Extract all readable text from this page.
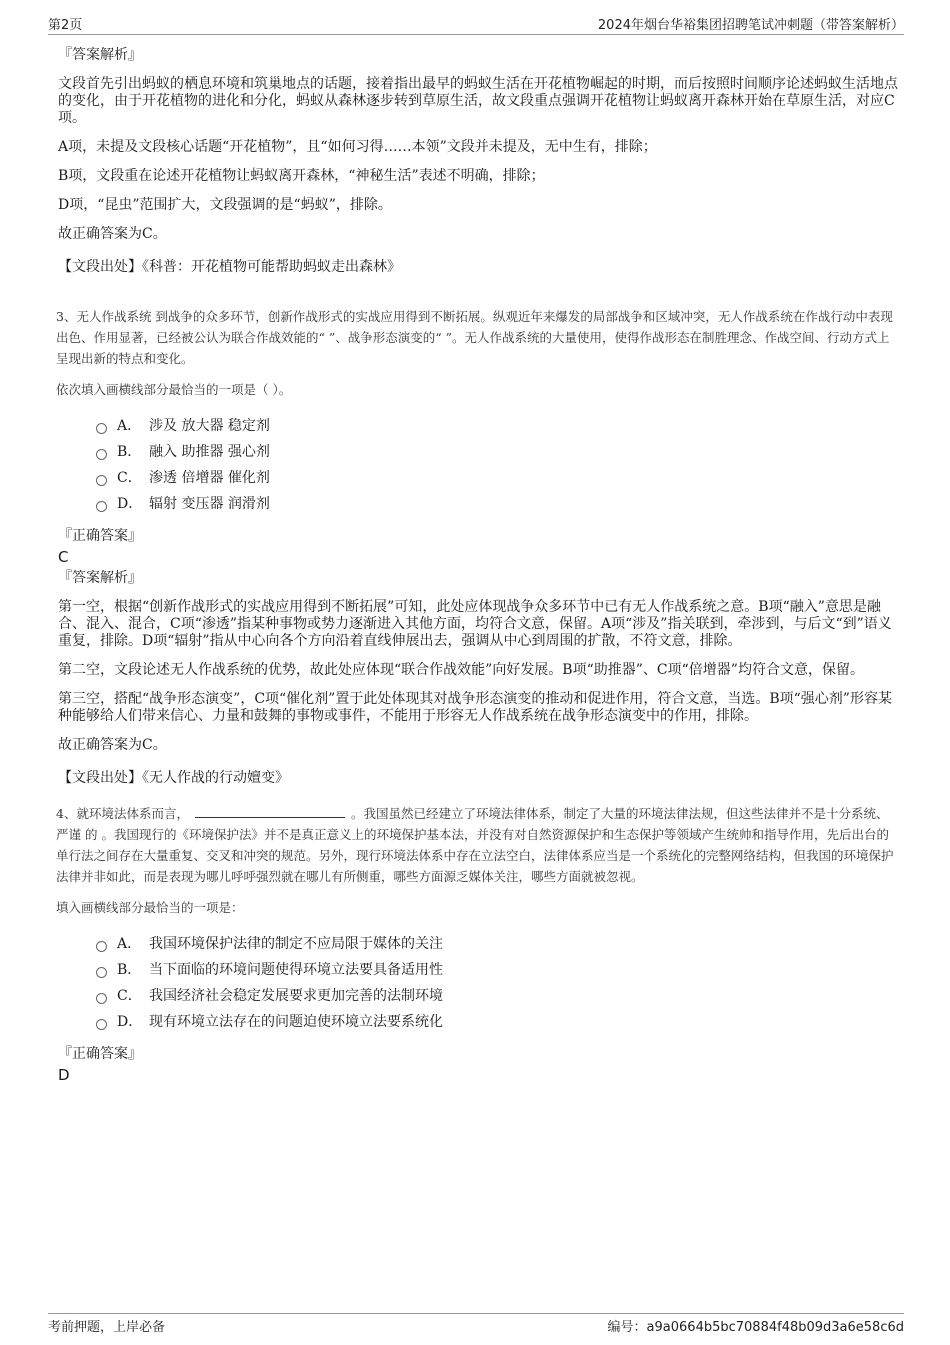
第2页	2024年烟台华裕集团招聘笔试冲刺题（带答案解析）

『答案解析』

文段首先引出蚂蚁的栖息环境和筑巢地点的话题，接着指出最早的蚂蚁生活在开花植物崛起的时期，而后按照时间顺序论述蚂蚁生活地点的变化，由于开花植物的进化和分化，蚂蚁从森林逐步转到草原生活，故文段重点强调开花植物让蚂蚁离开森林开始在草原生活，对应C项。

A项，未提及文段核心话题“开花植物”，且“如何习得……本领”文段并未提及，无中生有，排除；

B项，文段重在论述开花植物让蚂蚁离开森林，“神秘生活”表述不明确，排除；

D项，“昆虫”范围扩大，文段强调的是“蚂蚁”，排除。

故正确答案为C。

【文段出处】《科普：开花植物可能帮助蚂蚁走出森林》

3、无人作战系统 到战争的众多环节，创新作战形式的实战应用得到不断拓展。纵观近年来爆发的局部战争和区域冲突，无人作战系统在作战行动中表现出色、作用显著，已经被公认为联合作战效能的“ ”、战争形态演变的“ ”。无人作战系统的大量使用，使得作战形态在制胜理念、作战空间、行动方式上呈现出新的特点和变化。

依次填入画横线部分最恰当的一项是（ ）。

A． 涉及 放大器 稳定剂
B． 融入 助推器 强心剂
C． 渗透 倍增器 催化剂
D． 辐射 变压器 润滑剂

『正确答案』

C

『答案解析』

第一空，根据“创新作战形式的实战应用得到不断拓展”可知，此处应体现战争众多环节中已有无人作战系统之意。B项“融入”意思是融合、混入、混合，C项“渗透”指某种事物或势力逐渐进入其他方面，均符合文意，保留。A项“涉及”指关联到，牵涉到，与后文“到”语义重复，排除。D项“辐射”指从中心向各个方向沿着直线伸展出去，强调从中心到周围的扩散，不符文意，排除。

第二空，文段论述无人作战系统的优势，故此处应体现“联合作战效能”向好发展。B项“助推器”、C项“倍增器”均符合文意，保留。

第三空，搭配“战争形态演变”，C项“催化剂”置于此处体现其对战争形态演变的推动和促进作用，符合文意，当选。B项“强心剂”形容某种能够给人们带来信心、力量和鼓舞的事物或事件，不能用于形容无人作战系统在战争形态演变中的作用，排除。

故正确答案为C。

【文段出处】《无人作战的行动嬗变》

4、就环境法体系而言，	。我国虽然已经建立了环境法律体系，制定了大量的环境法律法规，但这些法律并不是十分系统、严谨 的 。我国现行的《环境保护法》并不是真正意义上的环境保护基本法，并没有对自然资源保护和生态保护等领域产生统帅和指导作用，先后出台的单行法之间存在大量重复、交叉和冲突的规范。另外，现行环境法体系中存在立法空白，法律体系应当是一个系统化的完整网络结构，但我国的环境保护法律并非如此，而是表现为哪儿呼呼强烈就在哪儿有所侧重，哪些方面源乏媒体关注，哪些方面就被忽视。

填入画横线部分最恰当的一项是：

A． 我国环境保护法律的制定不应局限于媒体的关注
B． 当下面临的环境问题使得环境立法要具备适用性
C． 我国经济社会稳定发展要求更加完善的法制环境
D． 现有环境立法存在的问题迫使环境立法要系统化

『正确答案』

D

考前押题，上岸必备	编号：a9a0664b5bc70884f48b09d3a6e58c6d
